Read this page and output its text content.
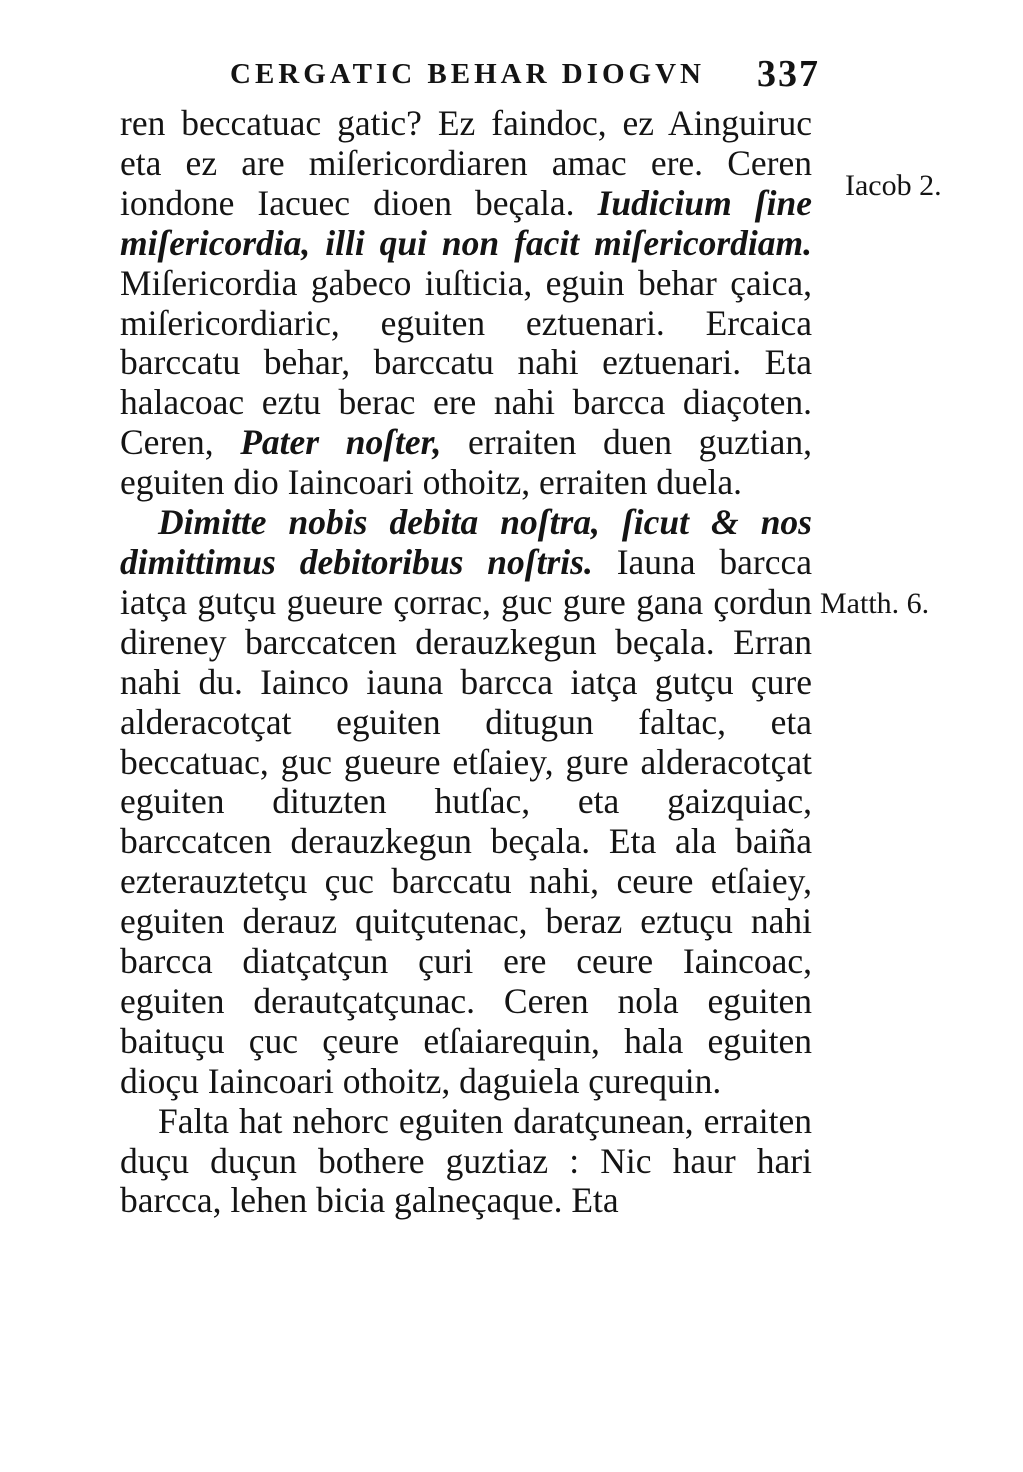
CERGATIC BEHAR DIOGVN 337

ren beccatuac gatic? Ez faindoc, ez Ainguiruc eta ez are miſericordiaren amac ere. Ceren iondone Iacuec dioen beçala. Iudicium ſine miſericordia, illi qui non facit miſericordiam. Miſericordia gabeco iuſticia, eguin behar çaica, miſericordiaric, eguiten eztuenari. Ercaica barccatu behar, barccatu nahi eztuenari. Eta halacoac eztu berac ere nahi barcca diaçoten. Ceren, Pater noſter, erraiten duen guztian, eguiten dio Iaincoari othoitz, erraiten duela.

Dimitte nobis debita noſtra, ſicut & nos dimittimus debitoribus noſtris. Iauna barcca iatça gutçu gueure çorrac, guc gure gana çordun direney barccatcen derauzkegun beçala. Erran nahi du. Iainco iauna barcca iatça gutçu çure alderacotçat eguiten ditugun faltac, eta beccatuac, guc gueure etſaiey, gure alderacotçat eguiten dituzten hutſac, eta gaizquiac, barccatcen derauzkegun beçala. Eta ala baiña ezterauztetçu çuc barccatu nahi, ceure etſaiey, eguiten derauz quitçutenac, beraz eztuçu nahi barcca diatçatçun çuri ere ceure Iaincoac, eguiten derautçatçunac. Ceren nola eguiten baituçu çuc çeure etſaiarequin, hala eguiten dioçu Iaincoari othoitz, daguiela çurequin.

Falta hat nehorc eguiten daratçunean, erraiten duçu duçun bothere guztiaz : Nic haur hari barcca, lehen bicia galneçaque. Eta

Iacob 2.
Matth. 6.
